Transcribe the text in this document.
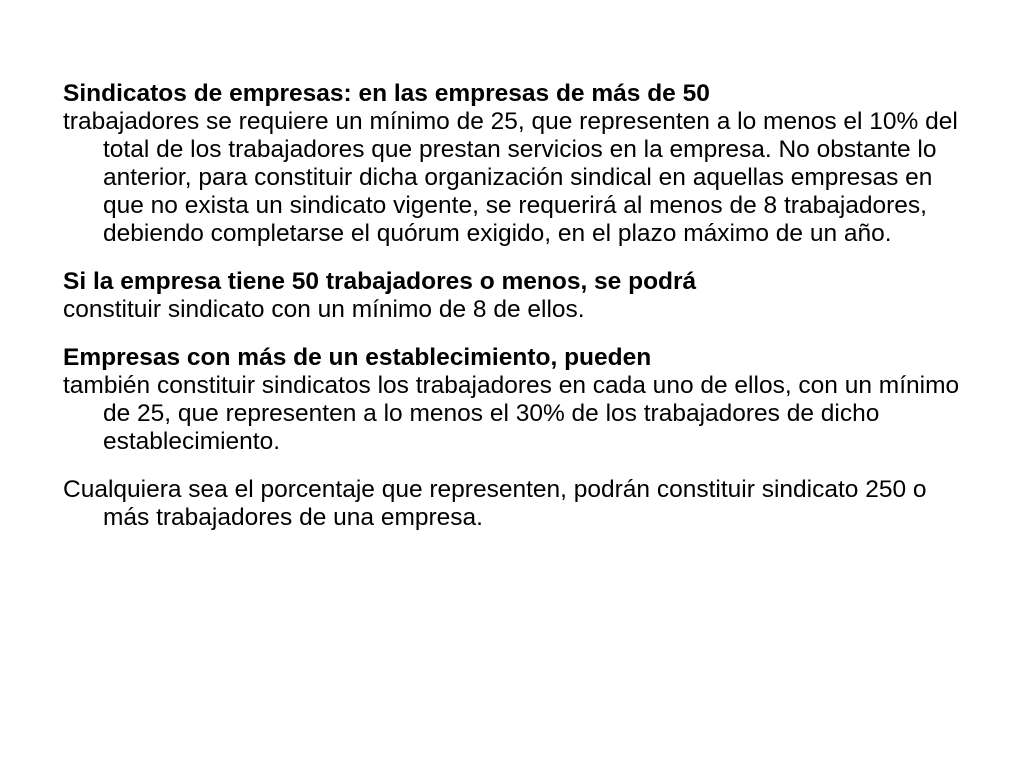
Sindicatos de empresas: en las empresas de más de 50

trabajadores se requiere un mínimo de 25, que representen a lo menos el 10% del total de los trabajadores que prestan servicios en la empresa. No obstante lo anterior, para constituir dicha organización sindical en aquellas empresas en que no exista un sindicato vigente, se requerirá al menos de 8 trabajadores, debiendo completarse el quórum exigido, en el plazo máximo de un año.

Si la empresa tiene 50 trabajadores o menos, se podrá

constituir sindicato con un mínimo de 8 de ellos.

Empresas con más de un establecimiento, pueden

también constituir sindicatos los trabajadores en cada uno de ellos, con un mínimo de 25, que representen a lo menos el 30% de los trabajadores de dicho establecimiento.

Cualquiera sea el porcentaje que representen, podrán constituir sindicato 250 o más trabajadores de una empresa.
